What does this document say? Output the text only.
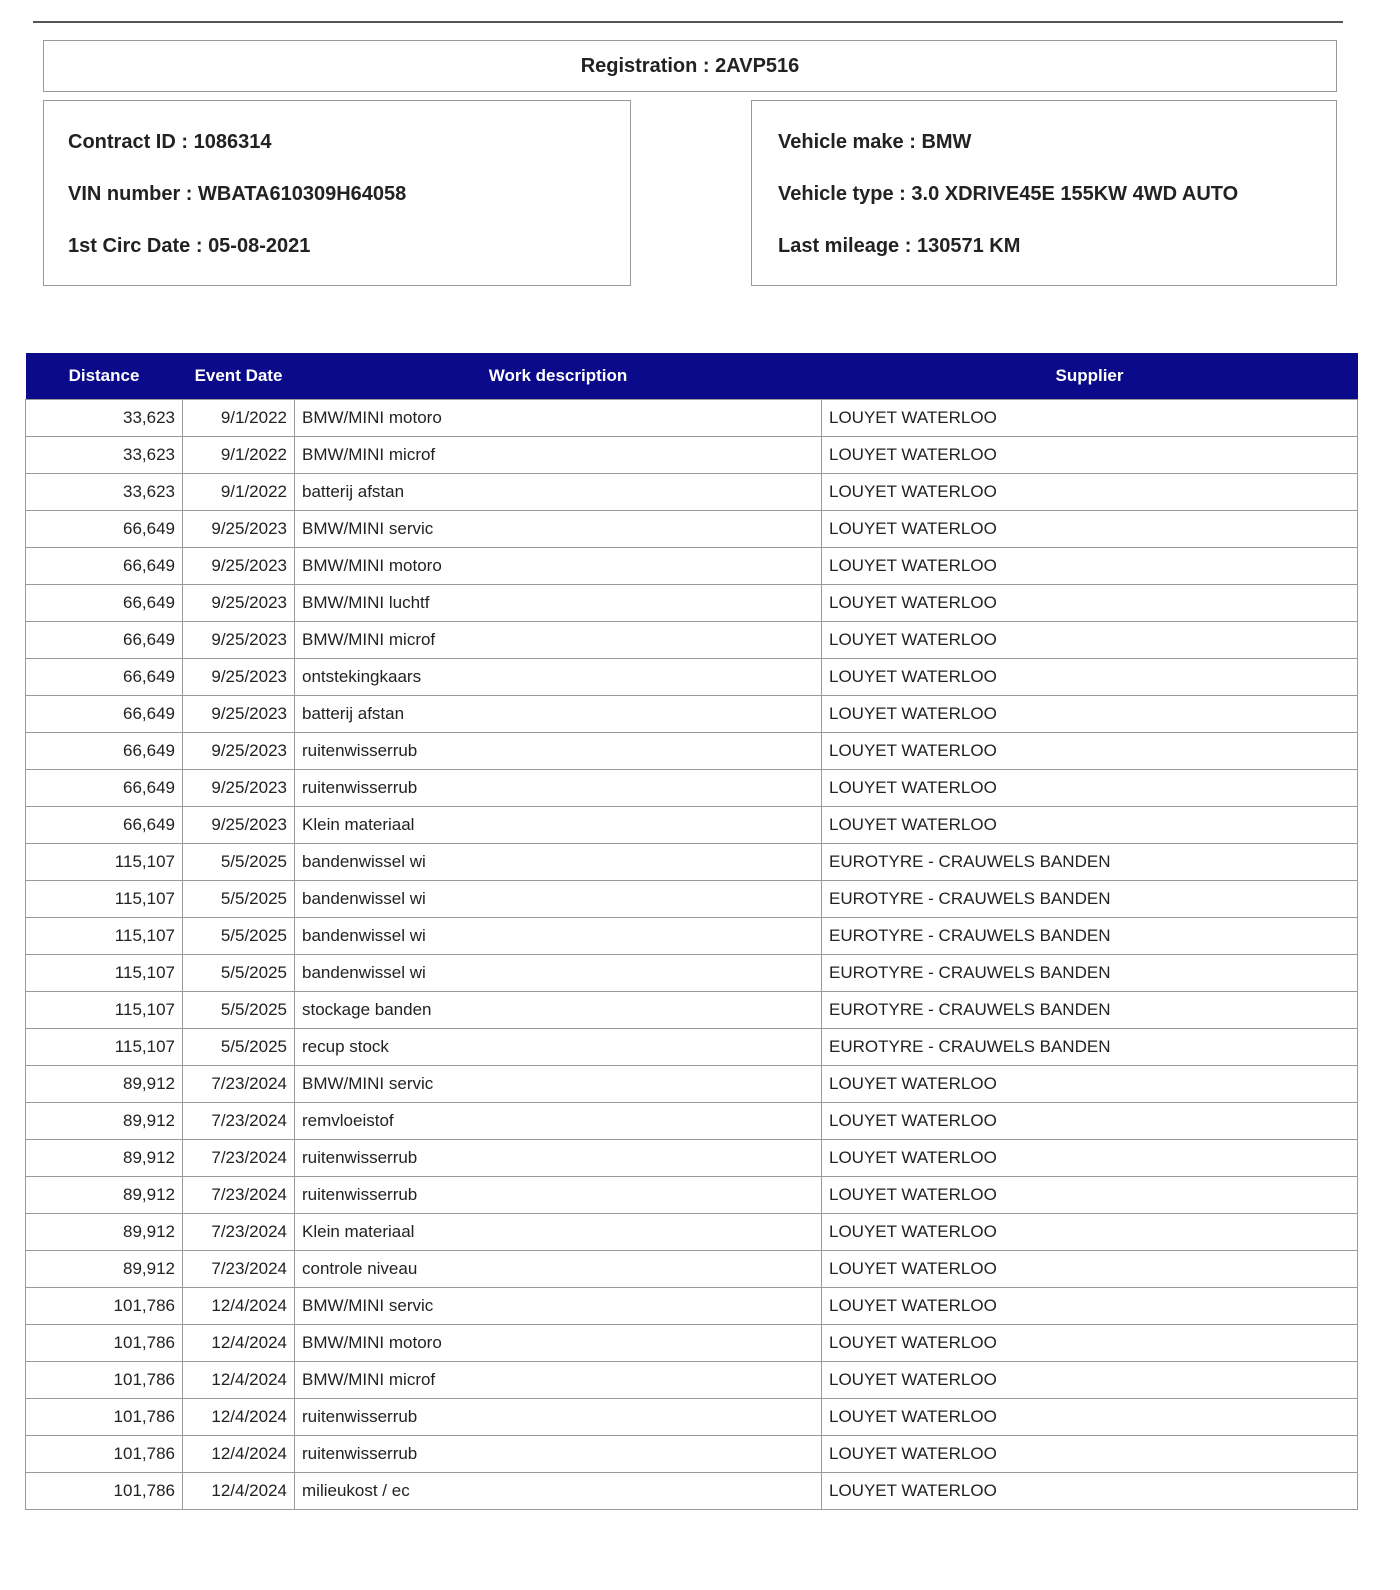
Registration : 2AVP516
Contract ID : 1086314
VIN number : WBATA610309H64058
1st Circ Date : 05-08-2021
Vehicle make : BMW
Vehicle type : 3.0 XDRIVE45E 155KW 4WD AUTO
Last mileage : 130571 KM
Distance	Event Date	Work description	Supplier
33,623	9/1/2022	BMW/MINI motoro	LOUYET WATERLOO
33,623	9/1/2022	BMW/MINI microf	LOUYET WATERLOO
33,623	9/1/2022	batterij afstan	LOUYET WATERLOO
66,649	9/25/2023	BMW/MINI servic	LOUYET WATERLOO
66,649	9/25/2023	BMW/MINI motoro	LOUYET WATERLOO
66,649	9/25/2023	BMW/MINI luchtf	LOUYET WATERLOO
66,649	9/25/2023	BMW/MINI microf	LOUYET WATERLOO
66,649	9/25/2023	ontstekingkaars	LOUYET WATERLOO
66,649	9/25/2023	batterij afstan	LOUYET WATERLOO
66,649	9/25/2023	ruitenwisserrub	LOUYET WATERLOO
66,649	9/25/2023	ruitenwisserrub	LOUYET WATERLOO
66,649	9/25/2023	Klein materiaal	LOUYET WATERLOO
115,107	5/5/2025	bandenwissel wi	EUROTYRE - CRAUWELS BANDEN
115,107	5/5/2025	bandenwissel wi	EUROTYRE - CRAUWELS BANDEN
115,107	5/5/2025	bandenwissel wi	EUROTYRE - CRAUWELS BANDEN
115,107	5/5/2025	bandenwissel wi	EUROTYRE - CRAUWELS BANDEN
115,107	5/5/2025	stockage banden	EUROTYRE - CRAUWELS BANDEN
115,107	5/5/2025	recup stock	EUROTYRE - CRAUWELS BANDEN
89,912	7/23/2024	BMW/MINI servic	LOUYET WATERLOO
89,912	7/23/2024	remvloeistof	LOUYET WATERLOO
89,912	7/23/2024	ruitenwisserrub	LOUYET WATERLOO
89,912	7/23/2024	ruitenwisserrub	LOUYET WATERLOO
89,912	7/23/2024	Klein materiaal	LOUYET WATERLOO
89,912	7/23/2024	controle niveau	LOUYET WATERLOO
101,786	12/4/2024	BMW/MINI servic	LOUYET WATERLOO
101,786	12/4/2024	BMW/MINI motoro	LOUYET WATERLOO
101,786	12/4/2024	BMW/MINI microf	LOUYET WATERLOO
101,786	12/4/2024	ruitenwisserrub	LOUYET WATERLOO
101,786	12/4/2024	ruitenwisserrub	LOUYET WATERLOO
101,786	12/4/2024	milieukost / ec	LOUYET WATERLOO
